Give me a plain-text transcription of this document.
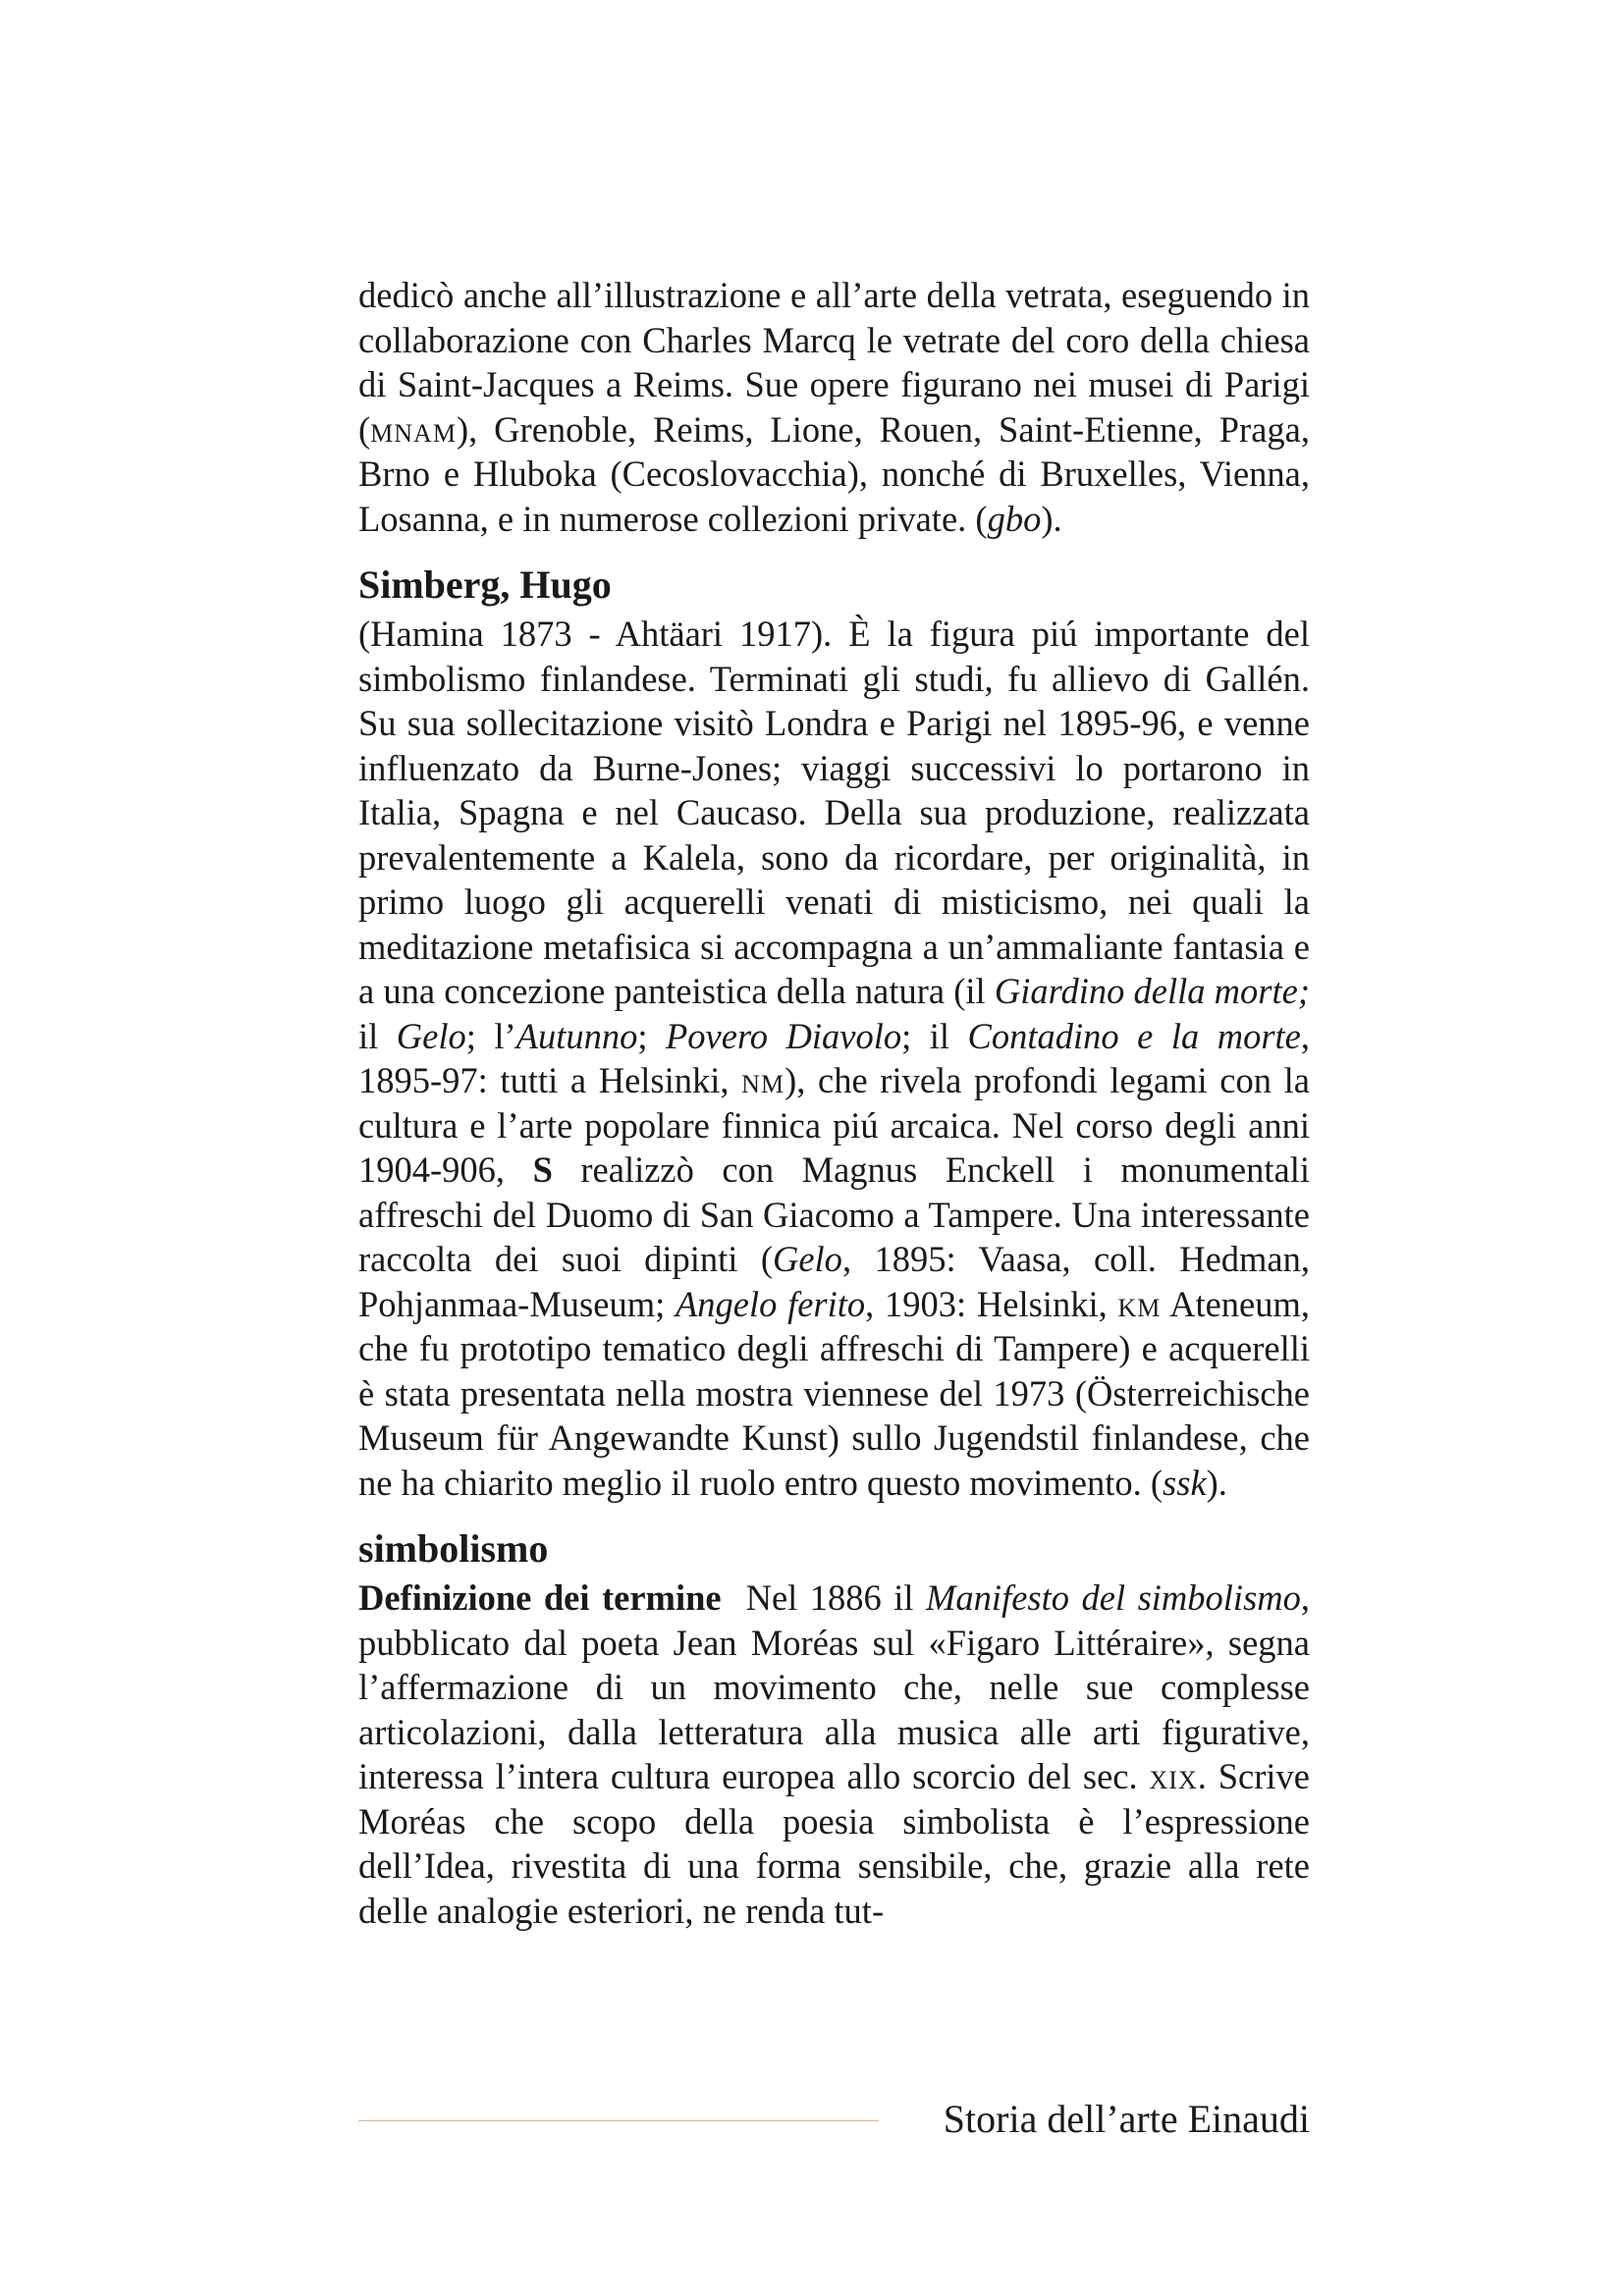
dedicò anche all’illustrazione e all’arte della vetrata, eseguendo in collaborazione con Charles Marcq le vetrate del coro della chiesa di Saint-Jacques a Reims. Sue opere figurano nei musei di Parigi (mnam), Grenoble, Reims, Lione, Rouen, Saint-Etienne, Praga, Brno e Hluboka (Cecoslovacchia), nonché di Bruxelles, Vienna, Losanna, e in numerose collezioni private. (gbo).

Simberg, Hugo

(Hamina 1873 - Ahtäari 1917). È la figura piú importante del simbolismo finlandese. Terminati gli studi, fu allievo di Gallén. Su sua sollecitazione visitò Londra e Parigi nel 1895-96, e venne influenzato da Burne-Jones; viaggi successivi lo portarono in Italia, Spagna e nel Caucaso. Della sua produzione, realizzata prevalentemente a Kalela, sono da ricordare, per originalità, in primo luogo gli acquerelli venati di misticismo, nei quali la meditazione metafisica si accompagna a un’ammaliante fantasia e a una concezione panteistica della natura (il Giardino della morte; il Gelo; l’Autunno; Povero Diavolo; il Contadino e la morte, 1895-97: tutti a Helsinki, nm), che rivela profondi legami con la cultura e l’arte popolare finnica piú arcaica. Nel corso degli anni 1904-906, S realizzò con Magnus Enckell i monumentali affreschi del Duomo di San Giacomo a Tampere. Una interessante raccolta dei suoi dipinti (Gelo, 1895: Vaasa, coll. Hedman, Pohjanmaa-Museum; Angelo ferito, 1903: Helsinki, km Ateneum, che fu prototipo tematico degli affreschi di Tampere) e acquerelli è stata presentata nella mostra viennese del 1973 (Österreichische Museum für Angewandte Kunst) sullo Jugendstil finlandese, che ne ha chiarito meglio il ruolo entro questo movimento. (ssk).

simbolismo

Definizione dei termine  Nel 1886 il Manifesto del simbolismo, pubblicato dal poeta Jean Moréas sul «Figaro Littéraire», segna l’affermazione di un movimento che, nelle sue complesse articolazioni, dalla letteratura alla musica alle arti figurative, interessa l’intera cultura europea allo scorcio del sec. xix. Scrive Moréas che scopo della poesia simbolista è l’espressione dell’Idea, rivestita di una forma sensibile, che, grazie alla rete delle analogie esteriori, ne renda tut-

Storia dell’arte Einaudi
